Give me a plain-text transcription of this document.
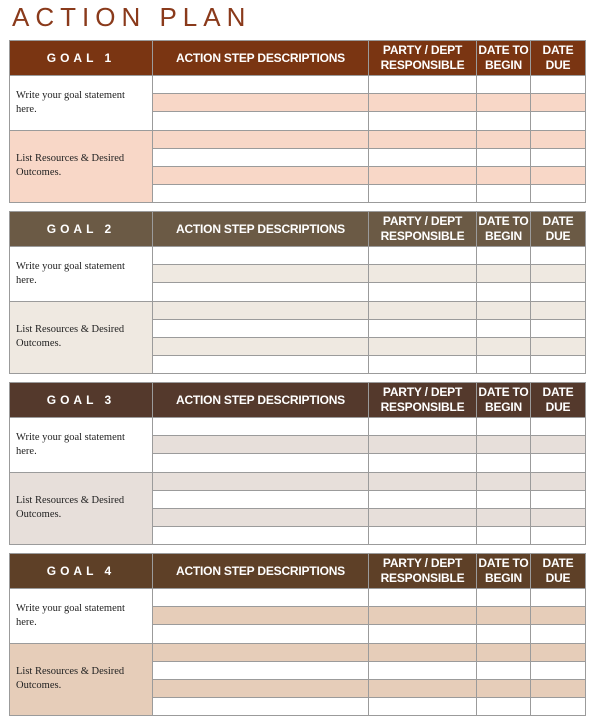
ACTION PLAN
GOAL 1	ACTION STEP DESCRIPTIONS	PARTY / DEPT RESPONSIBLE	DATE TO BEGIN	DATE DUE
Write your goal statement here.				

List Resources & Desired Outcomes.				

GOAL 2	ACTION STEP DESCRIPTIONS	PARTY / DEPT RESPONSIBLE	DATE TO BEGIN	DATE DUE
Write your goal statement here.				

List Resources & Desired Outcomes.				

GOAL 3	ACTION STEP DESCRIPTIONS	PARTY / DEPT RESPONSIBLE	DATE TO BEGIN	DATE DUE
Write your goal statement here.				

List Resources & Desired Outcomes.				

GOAL 4	ACTION STEP DESCRIPTIONS	PARTY / DEPT RESPONSIBLE	DATE TO BEGIN	DATE DUE
Write your goal statement here.				

List Resources & Desired Outcomes.				
